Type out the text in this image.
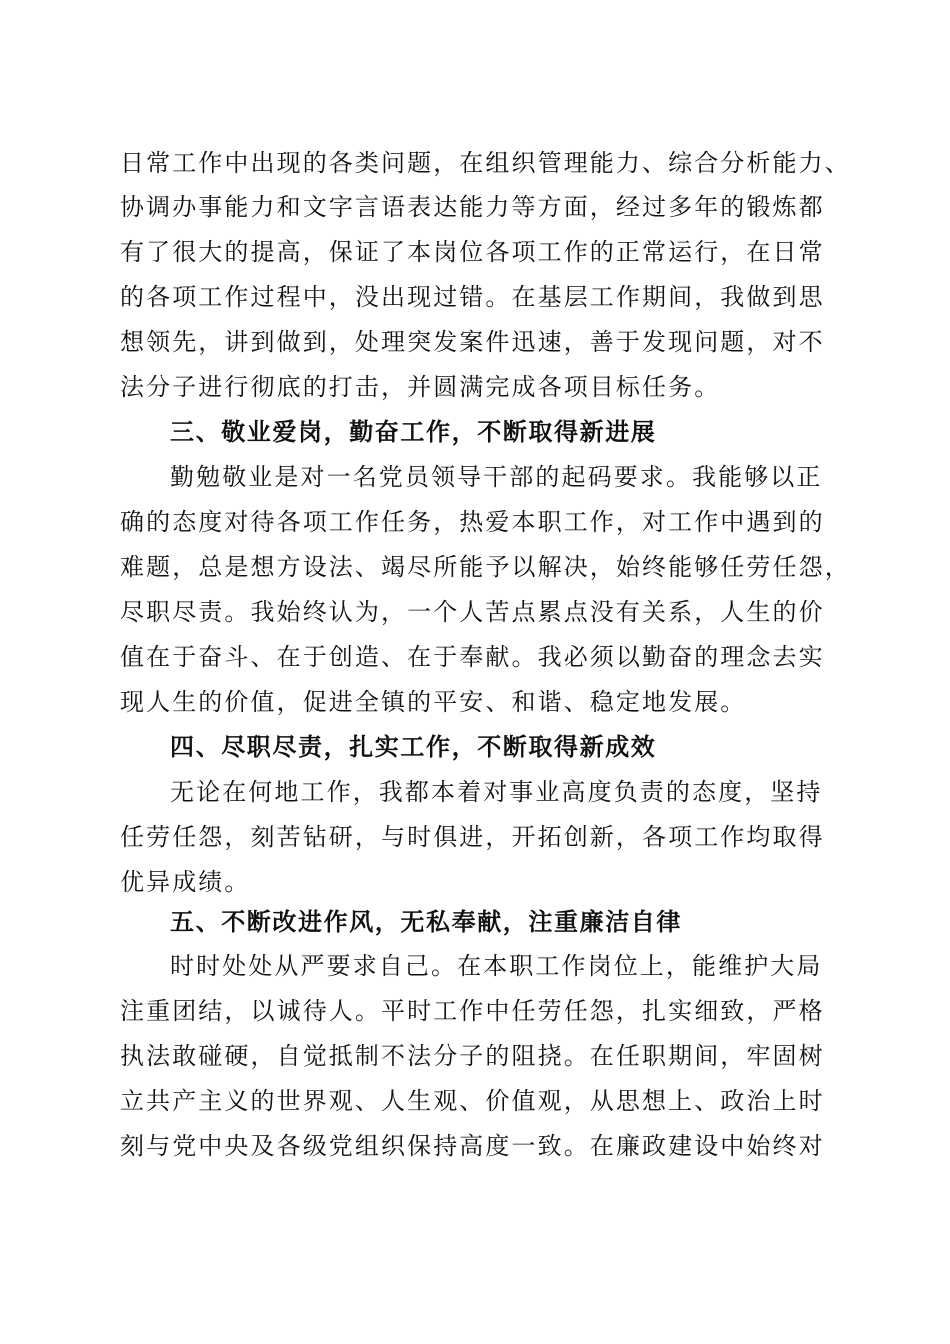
日常工作中出现的各类问题，在组织管理能力、综合分析能力、
协调办事能力和文字言语表达能力等方面，经过多年的锻炼都
有了很大的提高，保证了本岗位各项工作的正常运行，在日常
的各项工作过程中，没出现过错。在基层工作期间，我做到思
想领先，讲到做到，处理突发案件迅速，善于发现问题，对不
法分子进行彻底的打击，并圆满完成各项目标任务。
三、敬业爱岗，勤奋工作，不断取得新进展
勤勉敬业是对一名党员领导干部的起码要求。我能够以正
确的态度对待各项工作任务，热爱本职工作，对工作中遇到的
难题，总是想方设法、竭尽所能予以解决，始终能够任劳任怨，
尽职尽责。我始终认为，一个人苦点累点没有关系，人生的价
值在于奋斗、在于创造、在于奉献。我必须以勤奋的理念去实
现人生的价值，促进全镇的平安、和谐、稳定地发展。
四、尽职尽责，扎实工作，不断取得新成效
无论在何地工作，我都本着对事业高度负责的态度，坚持
任劳任怨，刻苦钻研，与时俱进，开拓创新，各项工作均取得
优异成绩。
五、不断改进作风，无私奉献，注重廉洁自律
时时处处从严要求自己。在本职工作岗位上，能维护大局
注重团结，以诚待人。平时工作中任劳任怨，扎实细致，严格
执法敢碰硬，自觉抵制不法分子的阻挠。在任职期间，牢固树
立共产主义的世界观、人生观、价值观，从思想上、政治上时
刻与党中央及各级党组织保持高度一致。在廉政建设中始终对
